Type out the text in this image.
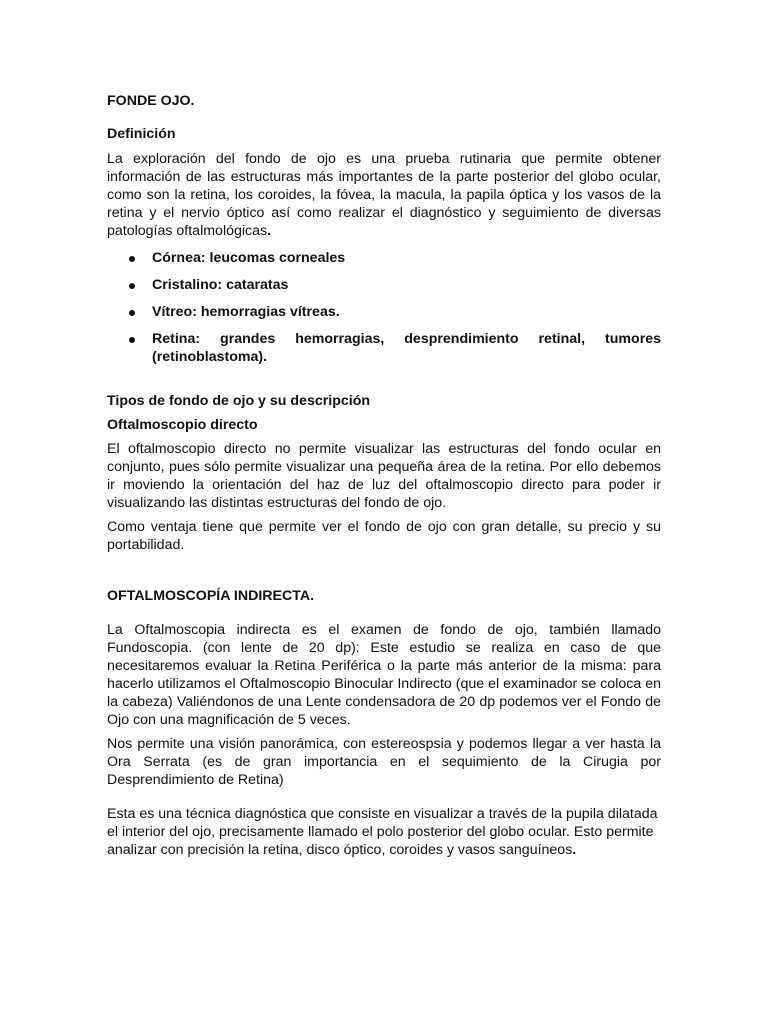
FONDE OJO.
Definición

La exploración del fondo de ojo es una prueba rutinaria que permite obtener información de las estructuras más importantes de la parte posterior del globo ocular, como son la retina, los coroides, la fóvea, la macula, la papila óptica y los vasos de la retina y el nervio óptico así como realizar el diagnóstico y seguimiento de diversas patologías oftalmológicas.

Córnea: leucomas corneales
Cristalino: cataratas
Vítreo: hemorragias vítreas.
Retina: grandes hemorragias, desprendimiento retinal, tumores (retinoblastoma).
Tipos de fondo de ojo y su descripción
Oftalmoscopio directo

El oftalmoscopio directo no permite visualizar las estructuras del fondo ocular en conjunto, pues sólo permite visualizar una pequeña área de la retina. Por ello debemos ir moviendo la orientación del haz de luz del oftalmoscopio directo para poder ir visualizando las distintas estructuras del fondo de ojo.

Como ventaja tiene que permite ver el fondo de ojo con gran detalle, su precio y su portabilidad.

OFTALMOSCOPÍA INDIRECTA.

La Oftalmoscopia indirecta es el examen de fondo de ojo, también llamado Fundoscopia. (con lente de 20 dp): Este estudio se realiza en caso de que necesitaremos evaluar la Retina Periférica o la parte más anterior de la misma: para hacerlo utilizamos el Oftalmoscopio Binocular Indirecto (que el examinador se coloca en la cabeza) Valiéndonos de una Lente condensadora de 20 dp podemos ver el Fondo de Ojo con una magnificación de 5 veces.

Nos permite una visión panorámica, con estereospsia y podemos llegar a ver hasta la Ora Serrata (es de gran importancia en el sequimiento de la Cirugia por Desprendimiento de Retina)

Esta es una técnica diagnóstica que consiste en visualizar a través de la pupila dilatada el interior del ojo, precisamente llamado el polo posterior del globo ocular. Esto permite analizar con precisión la retina, disco óptico, coroides y vasos sanguíneos.
